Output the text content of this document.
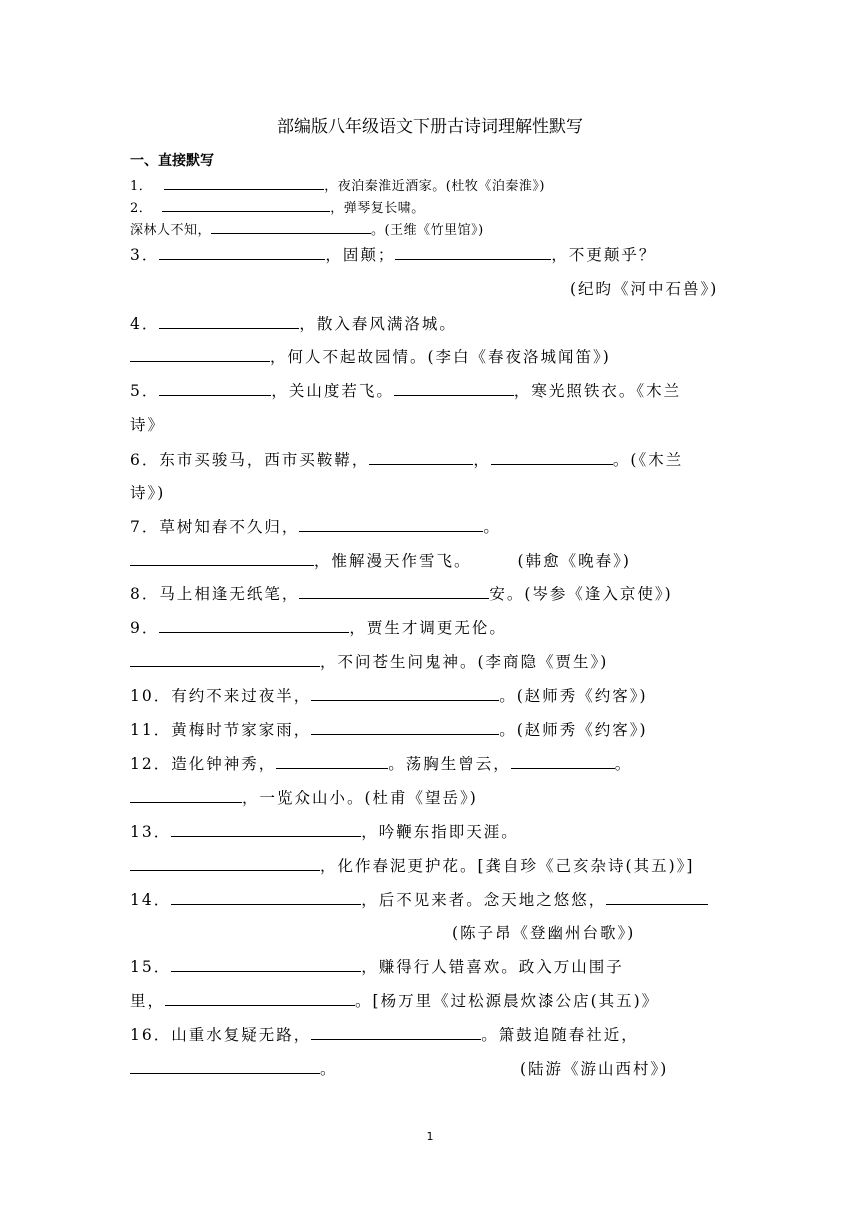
部编版八年级语文下册古诗词理解性默写
一、直接默写
1．	，夜泊秦淮近酒家。(杜牧《泊秦淮》)
2．	，弹琴复长啸。
深林人不知，	。(王维《竹里馆》)
3．	，固颠；	，不更颠乎？
(纪昀《河中石兽》)
4．	，散入春风满洛城。
，何人不起故园情。(李白《春夜洛城闻笛》)
5．	，关山度若飞。	，寒光照铁衣。《木兰
诗》
6．东市买骏马，西市买鞍鞯，	，	。(《木兰
诗》)
7．草树知春不久归，	。
，惟解漫天作雪飞。	(韩愈《晚春》)
8．马上相逢无纸笔，	安。(岑参《逢入京使》)
9．	，贾生才调更无伦。
，不问苍生问鬼神。(李商隐《贾生》)
10．有约不来过夜半，	。(赵师秀《约客》)
11．黄梅时节家家雨，	。(赵师秀《约客》)
12．造化钟神秀，	。荡胸生曾云，	。
，一览众山小。(杜甫《望岳》)
13．	，吟鞭东指即天涯。
，化作春泥更护花。[龚自珍《己亥杂诗(其五)》]
14．	，后不见来者。念天地之悠悠，
(陈子昂《登幽州台歌》)
15．	，赚得行人错喜欢。政入万山围子
里，	。[杨万里《过松源晨炊漆公店(其五)》
16．山重水复疑无路，	。箫鼓追随春社近，
。	(陆游《游山西村》)
1
